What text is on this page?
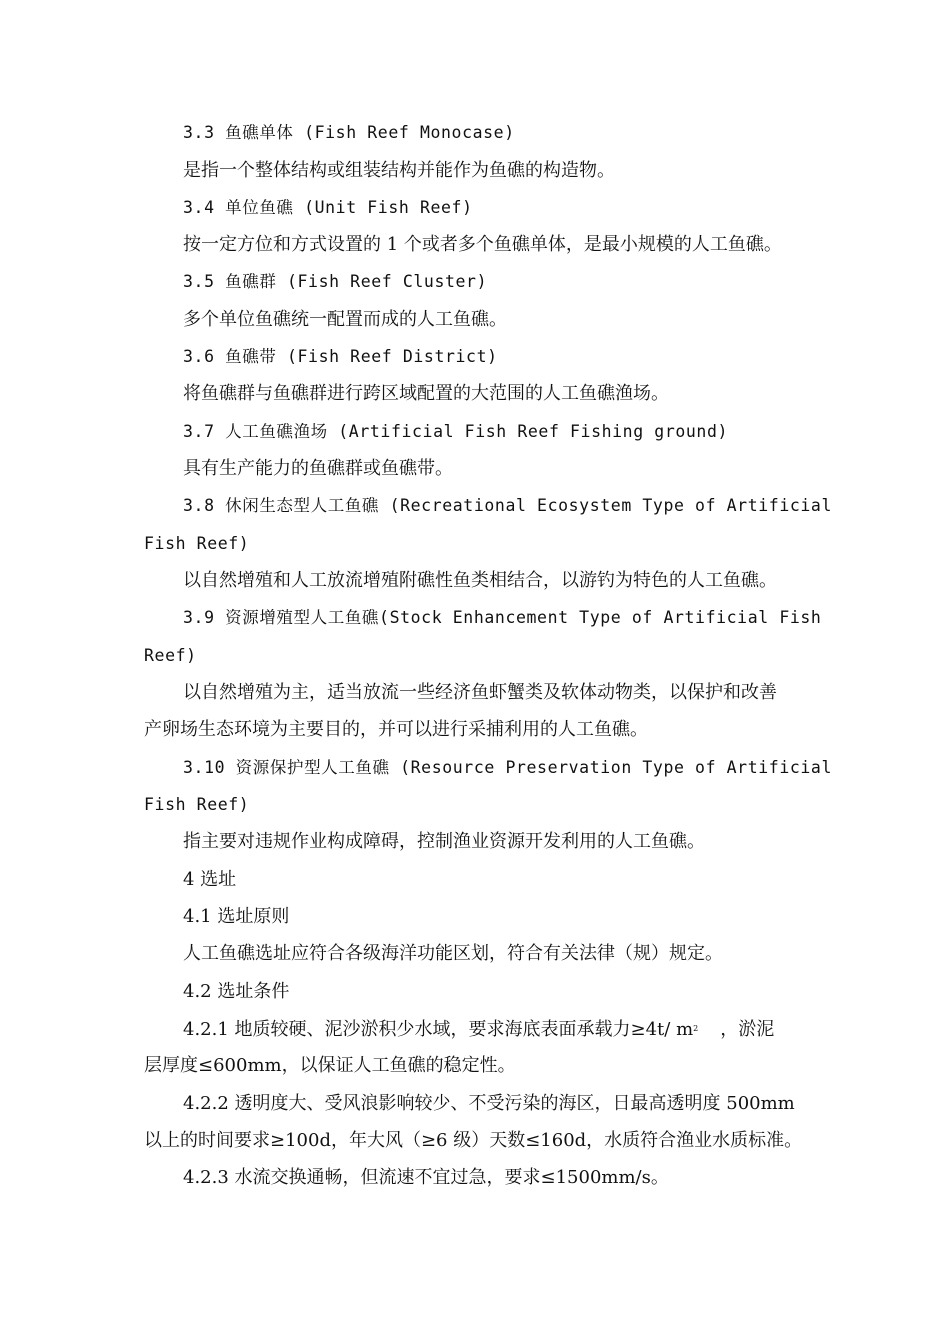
3.3 鱼礁单体 (Fish Reef Monocase)
是指一个整体结构或组装结构并能作为鱼礁的构造物。
3.4 单位鱼礁 (Unit Fish Reef)
按一定方位和方式设置的 1 个或者多个鱼礁单体，是最小规模的人工鱼礁。
3.5 鱼礁群 (Fish Reef Cluster)
多个单位鱼礁统一配置而成的人工鱼礁。
3.6 鱼礁带 (Fish Reef District)
将鱼礁群与鱼礁群进行跨区域配置的大范围的人工鱼礁渔场。
3.7 人工鱼礁渔场 (Artificial Fish Reef Fishing ground)
具有生产能力的鱼礁群或鱼礁带。
3.8 休闲生态型人工鱼礁 (Recreational Ecosystem Type of Artificial
Fish Reef)
以自然增殖和人工放流增殖附礁性鱼类相结合，以游钓为特色的人工鱼礁。
3.9 资源增殖型人工鱼礁(Stock Enhancement Type of Artificial Fish
Reef)
以自然增殖为主，适当放流一些经济鱼虾蟹类及软体动物类，以保护和改善
产卵场生态环境为主要目的，并可以进行采捕利用的人工鱼礁。
3.10 资源保护型人工鱼礁 (Resource Preservation Type of Artificial
Fish Reef)
指主要对违规作业构成障碍，控制渔业资源开发利用的人工鱼礁。
4 选址
4.1 选址原则
人工鱼礁选址应符合各级海洋功能区划，符合有关法律（规）规定。
4.2 选址条件
4.2.1 地质较硬、泥沙淤积少水域，要求海底表面承载力≥4t/ $m^2$ ，淤泥
层厚度≤600mm，以保证人工鱼礁的稳定性。
4.2.2 透明度大、受风浪影响较少、不受污染的海区，日最高透明度 500mm
以上的时间要求≥100d，年大风（≥6 级）天数≤160d，水质符合渔业水质标准。
4.2.3 水流交换通畅，但流速不宜过急，要求≤1500mm/s。
